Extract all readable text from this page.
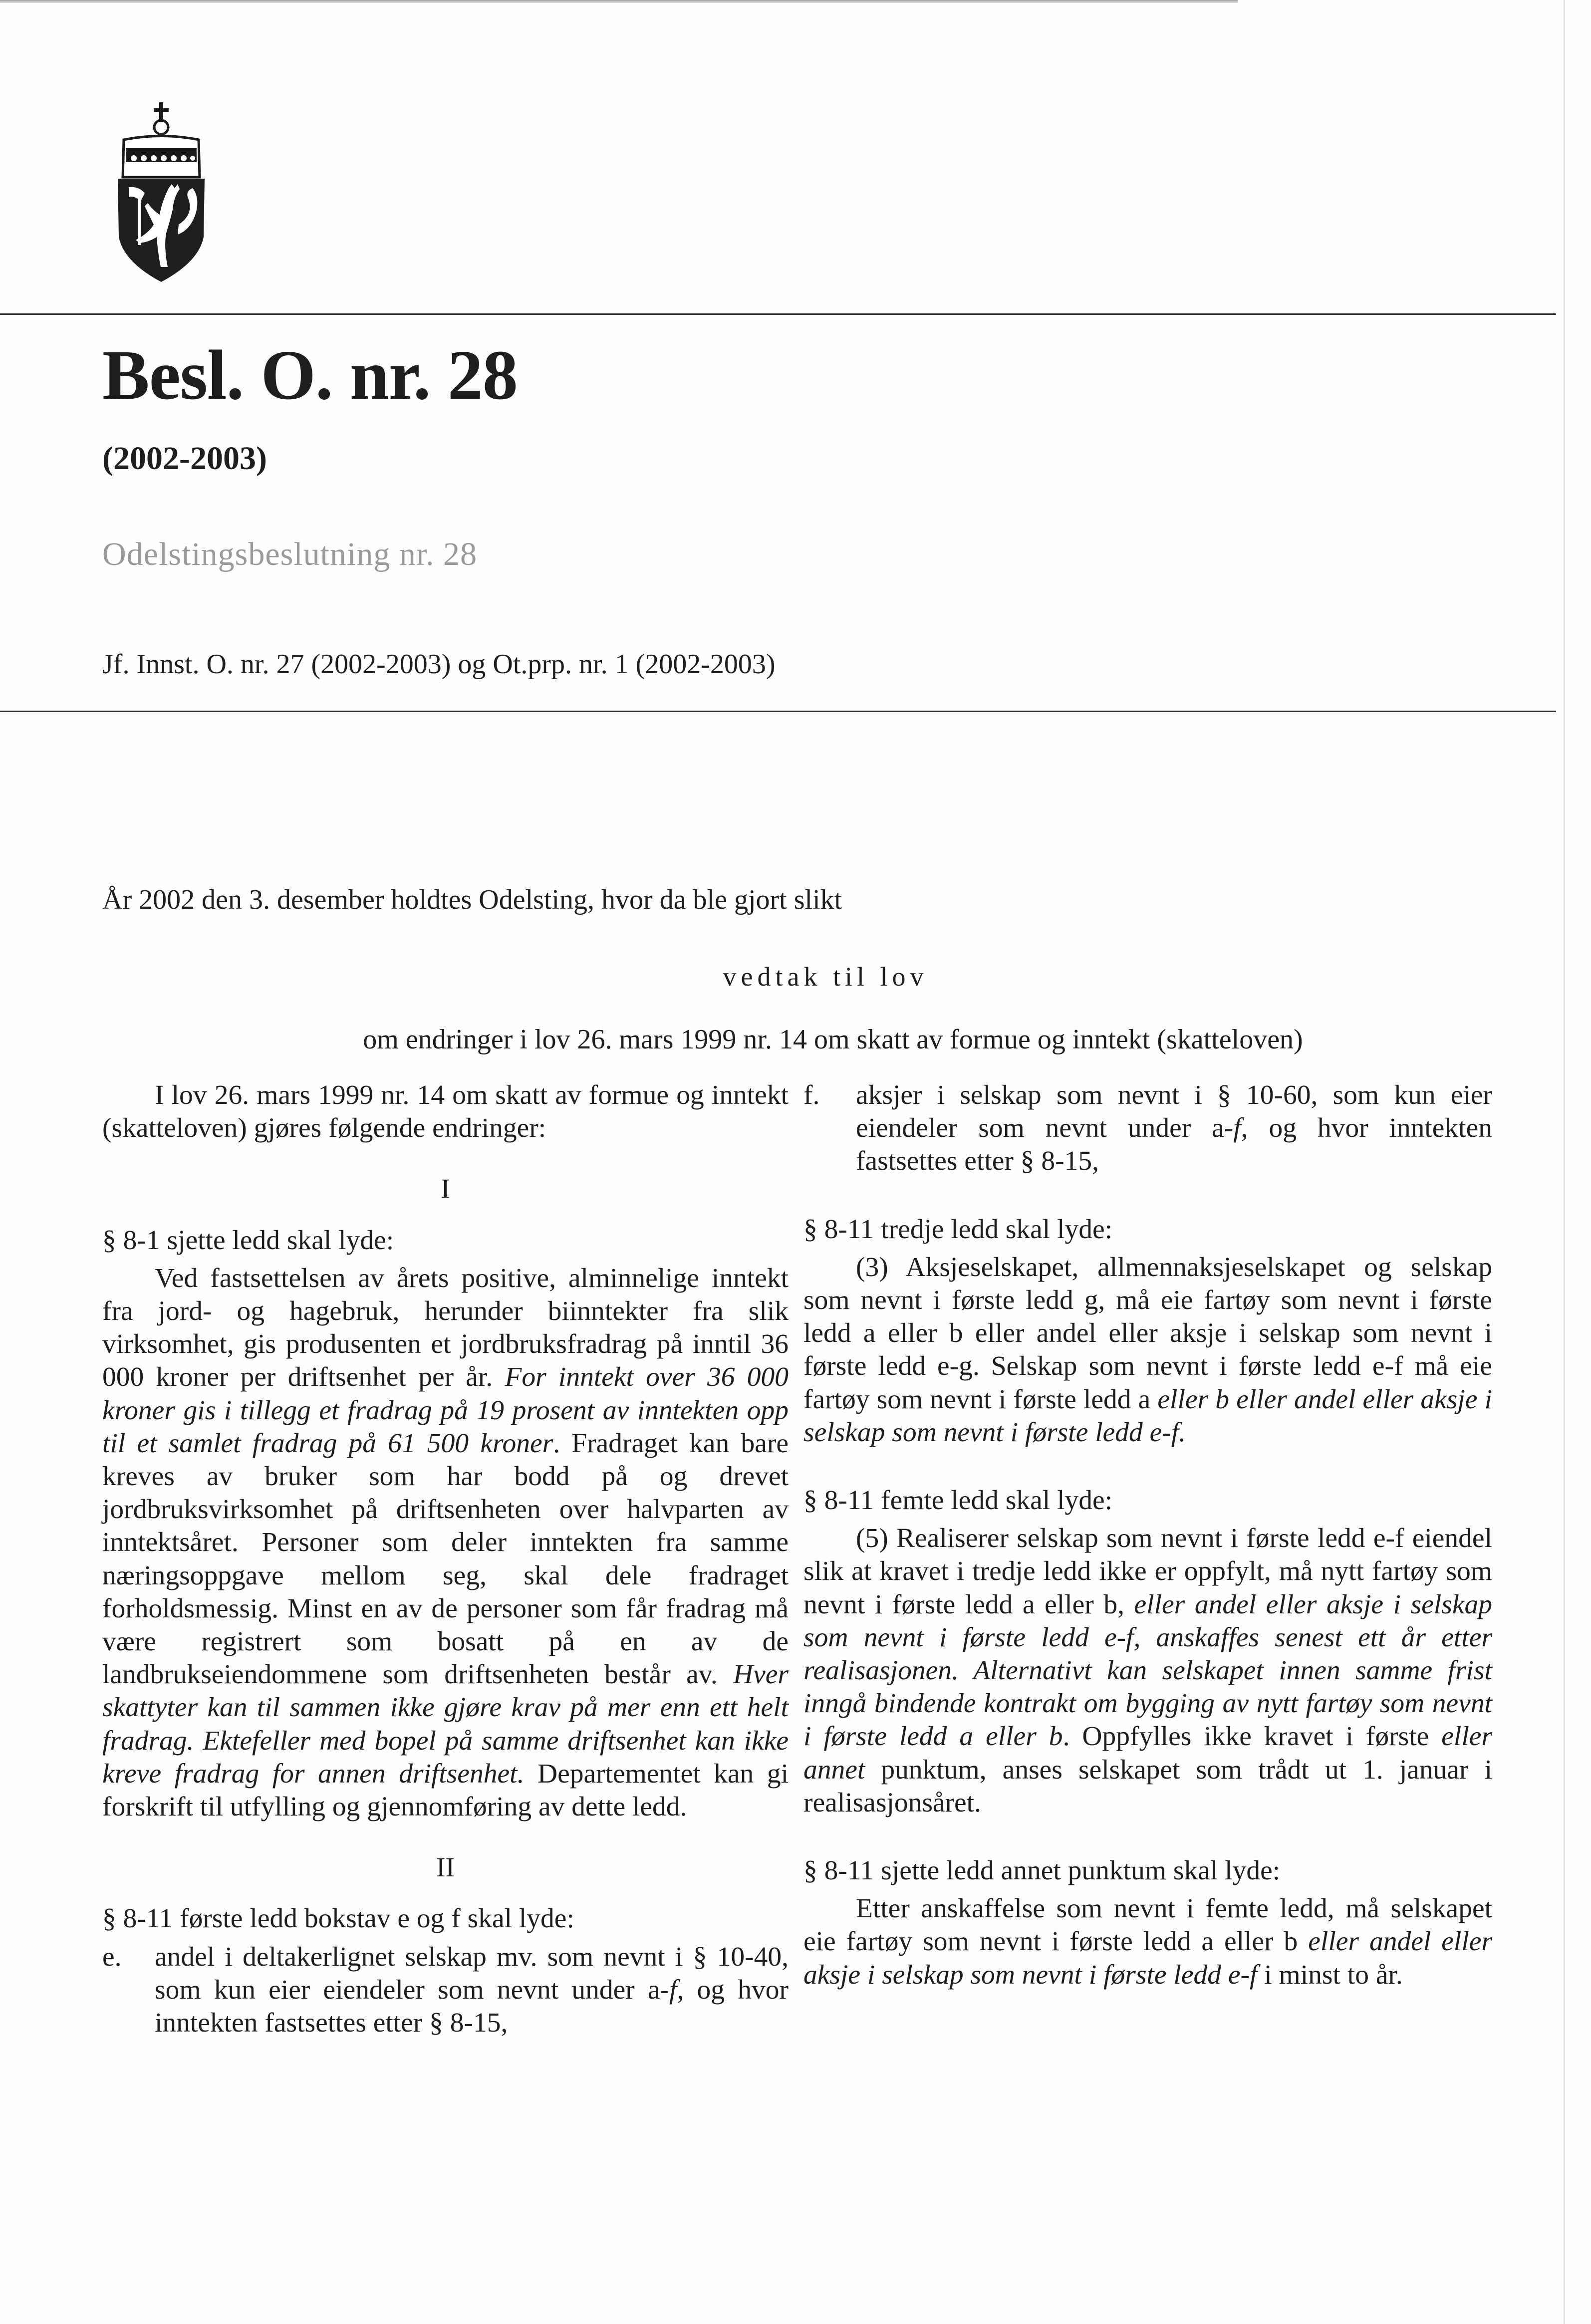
Besl. O. nr. 28
(2002-2003)
Odelstingsbeslutning nr. 28
Jf. Innst. O. nr. 27 (2002-2003) og Ot.prp. nr. 1 (2002-2003)
År 2002 den 3. desember holdtes Odelsting, hvor da ble gjort slikt
vedtak til lov
om endringer i lov 26. mars 1999 nr. 14 om skatt av formue og inntekt (skatteloven)

I lov 26. mars 1999 nr. 14 om skatt av formue og inntekt (skatteloven) gjøres følgende endringer:

I

§ 8-1 sjette ledd skal lyde:

Ved fastsettelsen av årets positive, alminnelige inntekt fra jord- og hagebruk, herunder biinntekter fra slik virksomhet, gis produsenten et jordbruksfradrag på inntil 36 000 kroner per driftsenhet per år. For inntekt over 36 000 kroner gis i tillegg et fradrag på 19 prosent av inntekten opp til et samlet fradrag på 61 500 kroner. Fradraget kan bare kreves av bruker som har bodd på og drevet jordbruksvirksomhet på driftsenheten over halvparten av inntektsåret. Personer som deler inntekten fra samme næringsoppgave mellom seg, skal dele fradraget forholdsmessig. Minst en av de personer som får fradrag må være registrert som bosatt på en av de landbrukseiendommene som driftsenheten består av. Hver skattyter kan til sammen ikke gjøre krav på mer enn ett helt fradrag. Ektefeller med bopel på samme driftsenhet kan ikke kreve fradrag for annen driftsenhet. Departementet kan gi forskrift til utfylling og gjennomføring av dette ledd.

II

§ 8-11 første ledd bokstav e og f skal lyde:

e.	andel i deltakerlignet selskap mv. som nevnt i § 10-40, som kun eier eiendeler som nevnt under a-f, og hvor inntekten fastsettes etter § 8-15,
f.	aksjer i selskap som nevnt i § 10-60, som kun eier eiendeler som nevnt under a-f, og hvor inntekten fastsettes etter § 8-15,

§ 8-11 tredje ledd skal lyde:

(3) Aksjeselskapet, allmennaksjeselskapet og selskap som nevnt i første ledd g, må eie fartøy som nevnt i første ledd a eller b eller andel eller aksje i selskap som nevnt i første ledd e-g. Selskap som nevnt i første ledd e-f må eie fartøy som nevnt i første ledd a eller b eller andel eller aksje i selskap som nevnt i første ledd e-f.

§ 8-11 femte ledd skal lyde:

(5) Realiserer selskap som nevnt i første ledd e-f eiendel slik at kravet i tredje ledd ikke er oppfylt, må nytt fartøy som nevnt i første ledd a eller b, eller andel eller aksje i selskap som nevnt i første ledd e-f, anskaffes senest ett år etter realisasjonen. Alternativt kan selskapet innen samme frist inngå bindende kontrakt om bygging av nytt fartøy som nevnt i første ledd a eller b. Oppfylles ikke kravet i første eller annet punktum, anses selskapet som trådt ut 1. januar i realisasjonsåret.

§ 8-11 sjette ledd annet punktum skal lyde:

Etter anskaffelse som nevnt i femte ledd, må selskapet eie fartøy som nevnt i første ledd a eller b eller andel eller aksje i selskap som nevnt i første ledd e-f i minst to år.
